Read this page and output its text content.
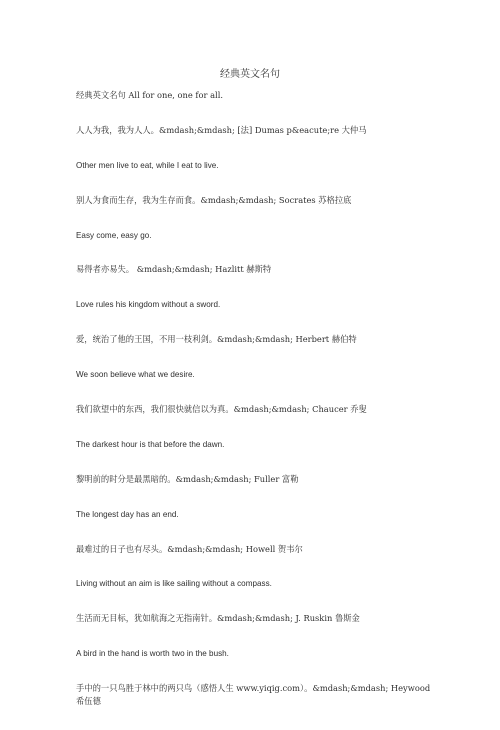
经典英文名句
经典英文名句 All for one, one for all.
人人为我，我为人人。&mdash;&mdash; [法] Dumas p&eacute;re 大仲马
Other men live to eat, while I eat to live.
别人为食而生存，我为生存而食。&mdash;&mdash; Socrates 苏格拉底
Easy come, easy go.
易得者亦易失。 &mdash;&mdash; Hazlitt 赫斯特
Love rules his kingdom without a sword.
爱，统治了他的王国，不用一枝利剑。&mdash;&mdash; Herbert 赫伯特
We soon believe what we desire.
我们欲望中的东西，我们很快就信以为真。&mdash;&mdash; Chaucer 乔叟
The darkest hour is that before the dawn.
黎明前的时分是最黑暗的。&mdash;&mdash; Fuller 富勒
The longest day has an end.
最难过的日子也有尽头。&mdash;&mdash; Howell 贺韦尔
Living without an aim is like sailing without a compass.
生活而无目标，犹如航海之无指南针。&mdash;&mdash; J. Ruskin 鲁斯金
A bird in the hand is worth two in the bush.
手中的一只鸟胜于林中的两只鸟（感悟人生 www.yiqig.com）。&mdash;&mdash; Heywood 希伍德
